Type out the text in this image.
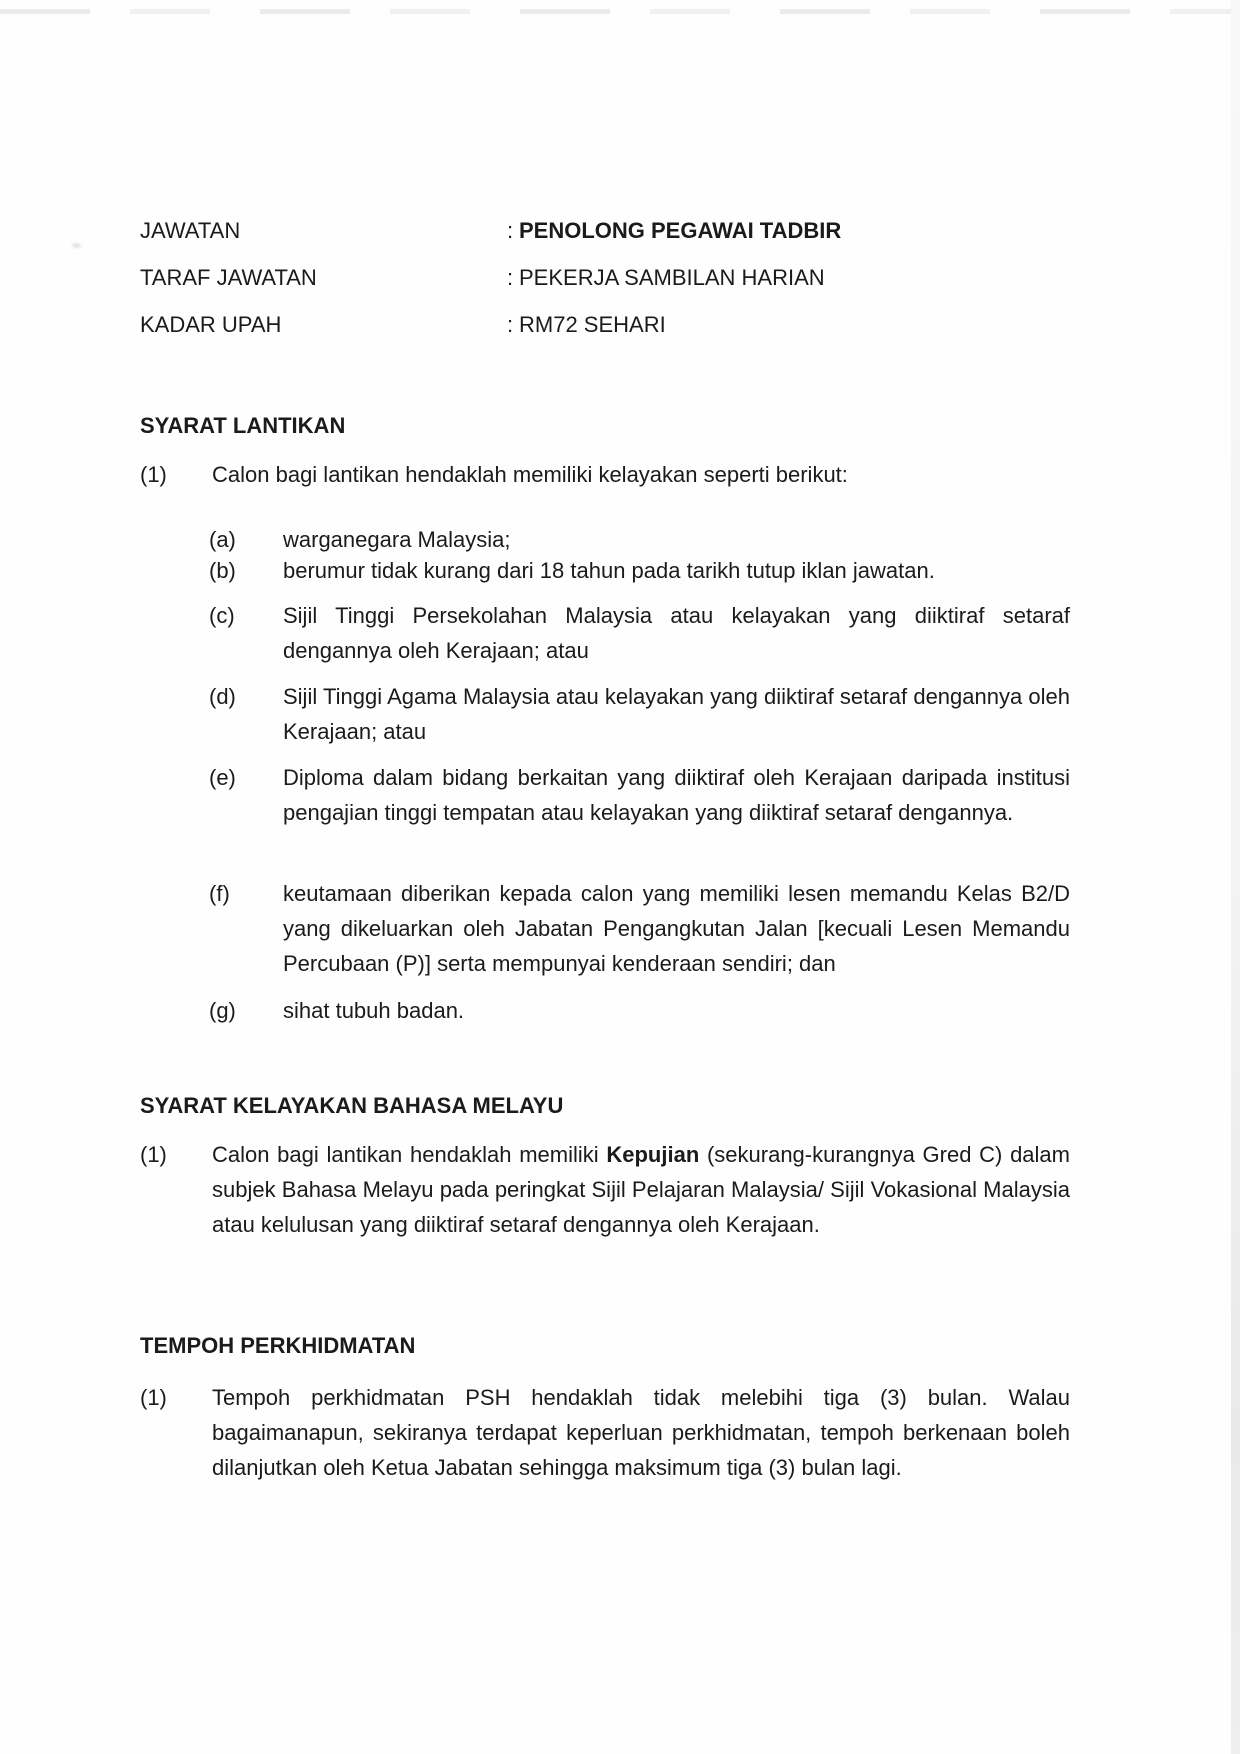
JAWATAN	: PENOLONG PEGAWAI TADBIR
TARAF JAWATAN	: PEKERJA SAMBILAN HARIAN
KADAR UPAH	: RM72 SEHARI
SYARAT LANTIKAN
(1) Calon bagi lantikan hendaklah memiliki kelayakan seperti berikut:
(a) warganegara Malaysia;
(b) berumur tidak kurang dari 18 tahun pada tarikh tutup iklan jawatan.
(c) Sijil Tinggi Persekolahan Malaysia atau kelayakan yang diiktiraf setaraf dengannya oleh Kerajaan; atau
(d) Sijil Tinggi Agama Malaysia atau kelayakan yang diiktiraf setaraf dengannya oleh Kerajaan; atau
(e) Diploma dalam bidang berkaitan yang diiktiraf oleh Kerajaan daripada institusi pengajian tinggi tempatan atau kelayakan yang diiktiraf setaraf dengannya.
(f) keutamaan diberikan kepada calon yang memiliki lesen memandu Kelas B2/D yang dikeluarkan oleh Jabatan Pengangkutan Jalan [kecuali Lesen Memandu Percubaan (P)] serta mempunyai kenderaan sendiri; dan
(g) sihat tubuh badan.
SYARAT KELAYAKAN BAHASA MELAYU
(1) Calon bagi lantikan hendaklah memiliki Kepujian (sekurang-kurangnya Gred C) dalam subjek Bahasa Melayu pada peringkat Sijil Pelajaran Malaysia/ Sijil Vokasional Malaysia atau kelulusan yang diiktiraf setaraf dengannya oleh Kerajaan.
TEMPOH PERKHIDMATAN
(1) Tempoh perkhidmatan PSH hendaklah tidak melebihi tiga (3) bulan. Walau bagaimanapun, sekiranya terdapat keperluan perkhidmatan, tempoh berkenaan boleh dilanjutkan oleh Ketua Jabatan sehingga maksimum tiga (3) bulan lagi.
